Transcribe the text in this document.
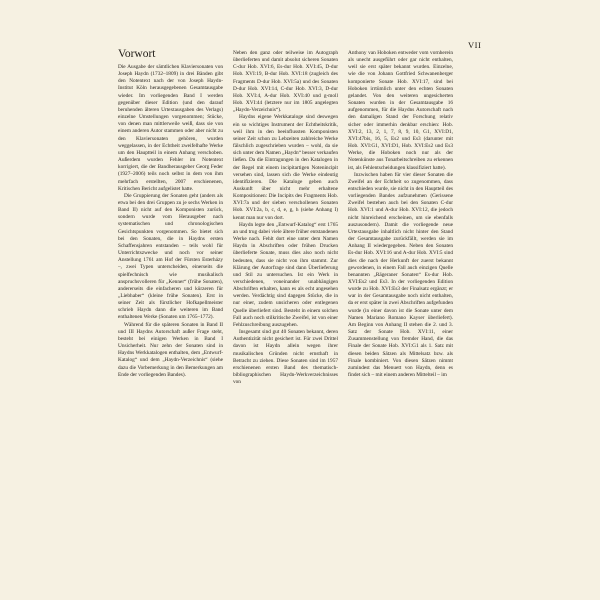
VII
Vorwort

Die Ausgabe der sämtlichen Klaviersonaten von Joseph Haydn (1732–1809) in drei Bänden gibt den Notentext nach der von Joseph Haydn-Institut Köln herausgegebenen Gesamtausgabe wieder. Im vorliegenden Band I werden gegenüber dieser Edition (und den darauf beruhenden älteren Urtextausgaben des Verlags) einzelne Umstellungen vorgenommen; Stücke, von denen man mittlerweile weiß, dass sie von einem anderen Autor stammen oder aber nicht zu den Klaviersonaten gehören, wurden weggelassen, in der Echtheit zweifelhafte Werke um den Hauptteil in einem Anhang verschoben. Außerdem wurden Fehler im Notentext korrigiert, die der Bandherausgeber Georg Feder (1927–2006) teils noch selbst in dem von ihm mehrfach erstellten, 2007 erschienenen, Kritischen Bericht aufgelistet hatte.

Die Gruppierung der Sonaten geht (anders als etwa bei den drei Gruppen zu je sechs Werken in Band II) nicht auf den Komponisten zurück, sondern wurde vom Herausgeber nach systematischen und chronologischen Gesichtspunkten vorgenommen. So bietet sich bei den Sonaten, die in Haydns ersten Schaffensjahren entstanden – teils wohl für Unterrichtszwecke und noch vor seiner Anstellung 1761 am Hof der Fürsten Esterházy –, zwei Typen unterscheiden, einerseits die spielfechnisch wie musikalisch anspruchsvolleren für „Kenner“ (frühe Sonaten), andererseits die einfacheren und kürzeren für „Liebhaber“ (kleine frühe Sonaten). Erst in seiner Zeit als fürstlicher Hofkapellmeister schrieb Haydn dann die weiteren im Band enthaltenen Werke (Sonaten um 1765–1772).

Während für die späteren Sonaten in Band II und III Haydns Autorschaft außer Frage steht, besteht bei einigen Werken in Band I Unsicherheit. Nur zehn der Sonaten sind in Haydns Werkkatalogen enthalten, dem „Entwurf-Katalog“ und dem „Haydn-Verzeichnis“ (siehe dazu die Vorbemerkung in den Bemerkungen am Ende der vorliegenden Bandes).

Neben den ganz oder teilweise im Autograph überlieferten und damit absolut sicheren Sonaten C-dur Hob. XVI:6, Es-dur Hob. XVI:45, D-dur Hob. XVI:19, B-dur Hob. XVI:18 (zugleich des Fragments D-dur Hob. XVI:5a) und des Sonaten D-dur Hob. XVI:14, C-dur Hob. XVI:3, D-dur Hob. XVI:4, A-dur Hob. XVI:40 und g-moll Hob. XVI:44 (letztere nur im 1805 angelegten „Haydn-Verzeichnis“).

Haydns eigene Werkkataloge sind deswegen ein so wichtiges Instrument der Echtheitskritik, weil ihm in den beeinflussten Komponisten seiner Zeit schon zu Lebzeiten zahlreiche Werke fälschlich zugeschrieben wurden – wohl, da sie sich unter dem Namen „Haydn“ besser verkaufen ließen. Da die Eintragungen in den Katalogen in der Regel mit einem incipitartigen Notenincipit versehen sind, lassen sich die Werke eindeutig identifizieren. Die Kataloge geben auch Auskunft über nicht mehr erhaltene Kompositionen: Die Incipits des Fragments Hob. XVI:7a und der sieben verschollenen Sonaten Hob. XVI:2a, b, c, d, e, g, h (siehe Anhang I) kennt man nur von dort.

Haydn legte den „Entwurf-Katalog“ erst 1765 an und trug dabei viele ältere früher entstandenen Werke nach. Fehlt dort eine unter dem Namen Haydn in Abschriften oder frühen Drucken überlieferte Sonate, muss dies also noch nicht bedeuten, dass sie nicht von ihm stammt. Zur Klärung der Autorfrage sind dann Überlieferung und Stil zu untersuchen. Ist ein Werk in verschiedenen, voneinander unabhängigen Abschriften erhalten, kann es als echt angesehen werden. Verdächtig sind dagegen Stücke, die in nur einer, zudem unsicheren oder entlegenen Quelle überliefert sind. Besteht in einem solchen Fall auch noch stilkritische Zweifel, ist von einer Fehlzuschreibung auszugehen.

Insgesamt sind gut 40 Sonaten bekannt, deren Authentizität nicht gesichert ist. Für zwei Drittel davon ist Haydn allein wegen ihrer musikalischen Gründen nicht ernsthaft in Betracht zu ziehen. Diese Sonaten sind im 1957 erschienenen ersten Band des thematisch-bibliographischen Haydn-Werkverzeichnisses von

Anthony van Hoboken entweder vom vornherein als unecht ausgeführt oder gar nicht enthalten, weil sie erst später bekannt wurden. Einzelne, wie die von Johann Gottfried Schwanenberger komponierte Sonate Hob. XVI:17, sind bei Hoboken irrtümlich unter den echten Sonaten gelandet. Von den weiteren ungesicherten Sonaten wurden in der Gesamtausgabe 16 aufgenommen, für die Haydns Autorschaft nach den damaligen Stand der Forschung relativ sicher oder immerhin denkbar erschien: Hob. XVI:2, 13, 2, 1, 7, 8, 9, 10, G1, XVI:D1, XVI:47bis, 16, 5, Es2 und Es3 (darunter mit Hob. XVI:G1, XVI:D1, Hob. XVI:Es2 und Es3 Werke, die Hoboken noch nur als der Notenkünste aus Tonarbeitschreiben zu erkennen ist, als Fehlentscheidungen klassifiziert hatte).

Inzwischen haben für vier dieser Sonaten die Zweifel an der Echtheit so zugenommen, dass entschieden wurde, sie nicht in den Hauptteil des vorliegenden Bandes aufzunehmen (Gerissene Zweifel bestehen auch bei den Sonaten C-dur Hob. XVI:1 und A-dur Hob. XVI:12, die jedoch nicht hinreichend erscheinen, um sie ebenfalls auszusondern). Damit die vorliegende neue Urtextausgabe inhaltlich nicht hinter den Stand der Gesamtausgabe zurückfällt, werden sie im Anhang II wiedergegeben. Neben den Sonaten Es-dur Hob. XVI:16 und A-dur Hob. XVI:5 sind dies die nach der Herkunft der zuerst bekannt gewordenen, in einem Fall auch einzigen Quelle benannten „Rägeraner Sonaten“ Es-dur Hob. XVI:Es2 und Es3. In der vorliegenden Edition wurde zu Hob. XVI:Es3 der Finalsatz ergänzt; er war in der Gesamtausgabe noch nicht enthalten, da er erst später in zwei Abschriften aufgefunden wurde (in einer davon ist die Sonate unter dem Namen Mariano Romano Kayser überliefert). Am Beginn von Anhang II stehen die 2. und 3. Satz der Sonate Hob. XVI:11, einer Zusammenstellung von fremder Hand, die das Finale der Sonate Hob. XVI:G1 als 1. Satz mit diesen beiden Sätzen als Mittelsatz bzw. als Finale kombiniert. Von diesen Sätzen nimmt zumindest das Menuett von Haydn, denn es findet sich – mit einem anderen Mittelteil – im
